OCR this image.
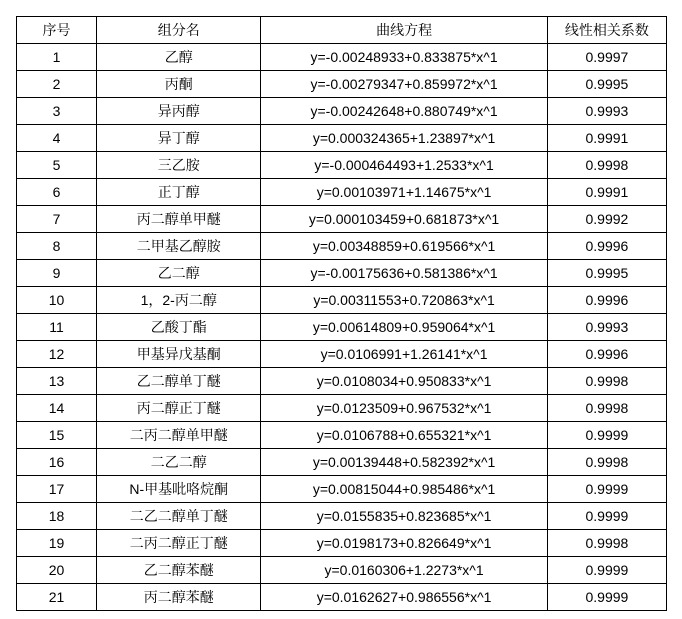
序号	组分名	曲线方程	线性相关系数
1	乙醇	y=-0.00248933+0.833875*x^1	0.9997
2	丙酮	y=-0.00279347+0.859972*x^1	0.9995
3	异丙醇	y=-0.00242648+0.880749*x^1	0.9993
4	异丁醇	y=0.000324365+1.23897*x^1	0.9991
5	三乙胺	y=-0.000464493+1.2533*x^1	0.9998
6	正丁醇	y=0.00103971+1.14675*x^1	0.9991
7	丙二醇单甲醚	y=0.000103459+0.681873*x^1	0.9992
8	二甲基乙醇胺	y=0.00348859+0.619566*x^1	0.9996
9	乙二醇	y=-0.00175636+0.581386*x^1	0.9995
10	1，2-丙二醇	y=0.00311553+0.720863*x^1	0.9996
11	乙酸丁酯	y=0.00614809+0.959064*x^1	0.9993
12	甲基异戊基酮	y=0.0106991+1.26141*x^1	0.9996
13	乙二醇单丁醚	y=0.0108034+0.950833*x^1	0.9998
14	丙二醇正丁醚	y=0.0123509+0.967532*x^1	0.9998
15	二丙二醇单甲醚	y=0.0106788+0.655321*x^1	0.9999
16	二乙二醇	y=0.00139448+0.582392*x^1	0.9998
17	N-甲基吡咯烷酮	y=0.00815044+0.985486*x^1	0.9999
18	二乙二醇单丁醚	y=0.0155835+0.823685*x^1	0.9999
19	二丙二醇正丁醚	y=0.0198173+0.826649*x^1	0.9998
20	乙二醇苯醚	y=0.0160306+1.2273*x^1	0.9999
21	丙二醇苯醚	y=0.0162627+0.986556*x^1	0.9999
